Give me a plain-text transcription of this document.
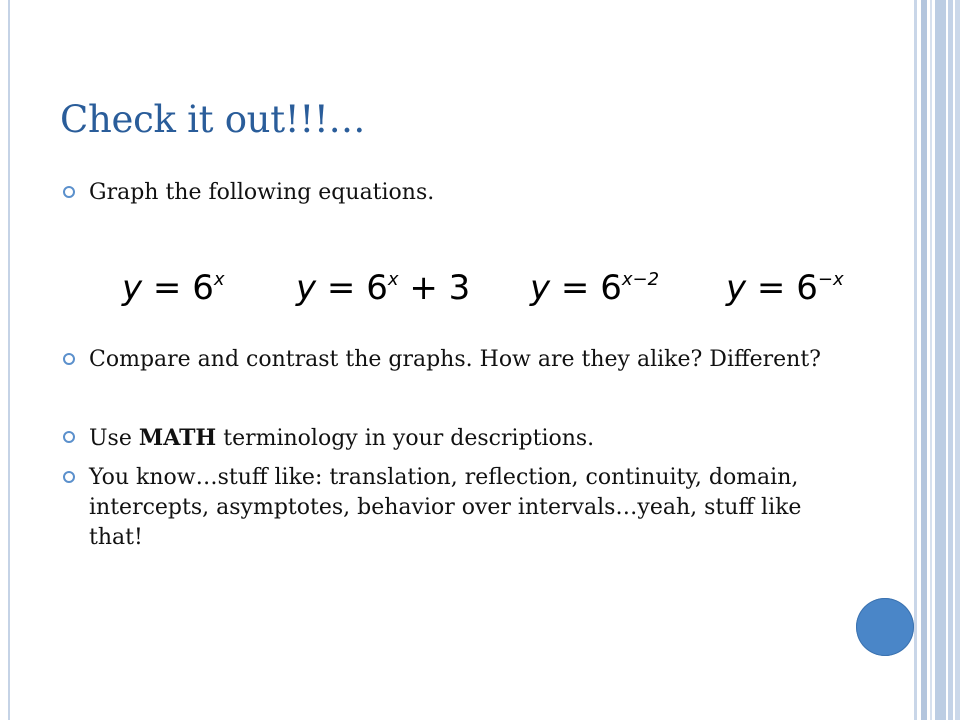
Check it out!!!…
Graph the following equations.
$y = 6^x$ $y = 6^x + 3$ $y = 6^{x-2}$ $y = 6^{-x}$
Compare and contrast the graphs. How are they alike? Different?
Use MATH terminology in your descriptions.
You know…stuff like: translation, reflection, continuity, domain, intercepts, asymptotes, behavior over intervals…yeah, stuff like that!
